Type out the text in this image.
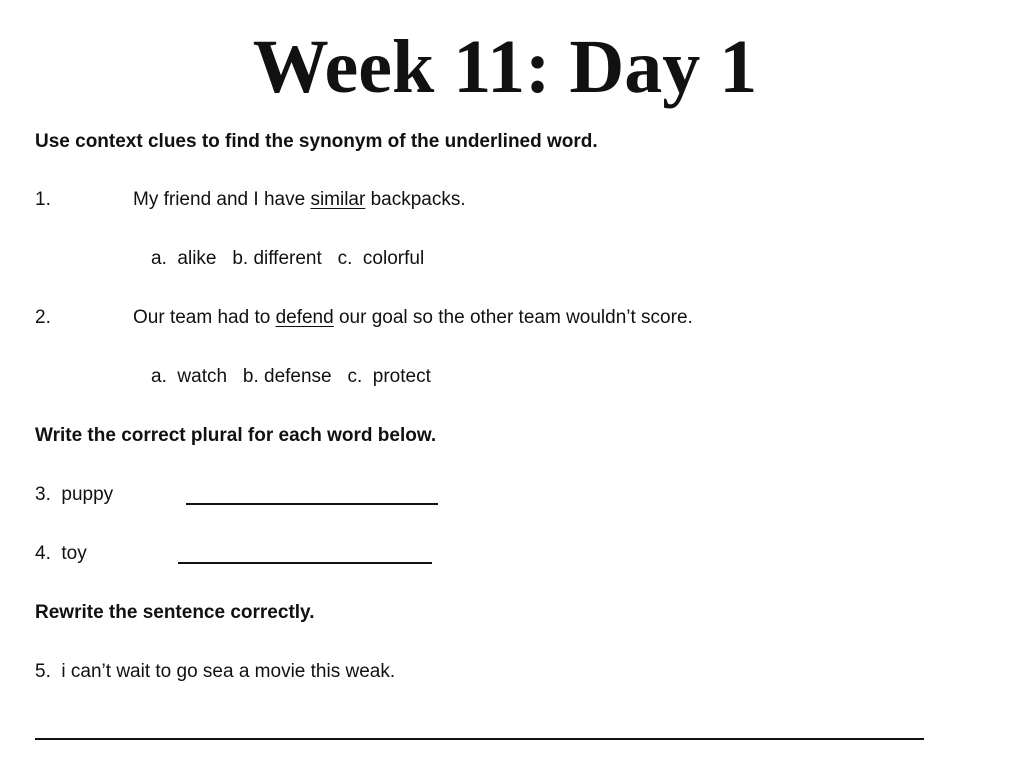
Week 11: Day 1
Use context clues to find the synonym of the underlined word.
1.	My friend and I have similar backpacks.
a.  alike   b. different   c.  colorful
2.	Our team had to defend our goal so the other team wouldn’t score.
a.  watch   b. defense   c.  protect
Write the correct plural for each word below.
3.  puppy
4.  toy
Rewrite the sentence correctly.
5.  i can’t wait to go sea a movie this weak.
